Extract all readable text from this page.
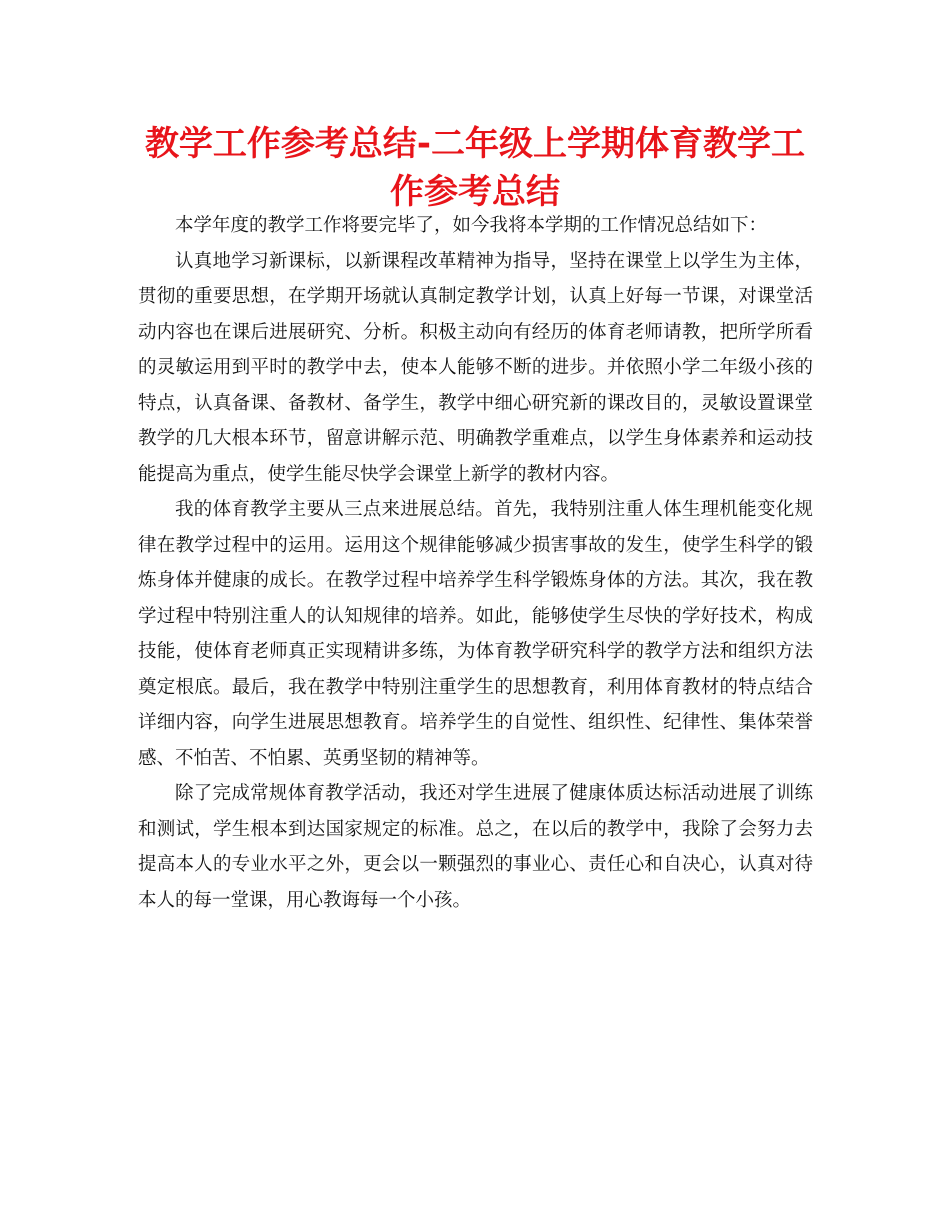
教学工作参考总结-二年级上学期体育教学工作参考总结

本学年度的教学工作将要完毕了，如今我将本学期的工作情况总结如下：

认真地学习新课标，以新课程改革精神为指导，坚持在课堂上以学生为主体，贯彻的重要思想，在学期开场就认真制定教学计划，认真上好每一节课，对课堂活动内容也在课后进展研究、分析。积极主动向有经历的体育老师请教，把所学所看的灵敏运用到平时的教学中去，使本人能够不断的进步。并依照小学二年级小孩的特点，认真备课、备教材、备学生，教学中细心研究新的课改目的，灵敏设置课堂教学的几大根本环节，留意讲解示范、明确教学重难点，以学生身体素养和运动技能提高为重点，使学生能尽快学会课堂上新学的教材内容。

我的体育教学主要从三点来进展总结。首先，我特别注重人体生理机能变化规律在教学过程中的运用。运用这个规律能够减少损害事故的发生，使学生科学的锻炼身体并健康的成长。在教学过程中培养学生科学锻炼身体的方法。其次，我在教学过程中特别注重人的认知规律的培养。如此，能够使学生尽快的学好技术，构成技能，使体育老师真正实现精讲多练，为体育教学研究科学的教学方法和组织方法奠定根底。最后，我在教学中特别注重学生的思想教育，利用体育教材的特点结合详细内容，向学生进展思想教育。培养学生的自觉性、组织性、纪律性、集体荣誉感、不怕苦、不怕累、英勇坚韧的精神等。

除了完成常规体育教学活动，我还对学生进展了健康体质达标活动进展了训练和测试，学生根本到达国家规定的标准。总之，在以后的教学中，我除了会努力去提高本人的专业水平之外，更会以一颗强烈的事业心、责任心和自决心，认真对待本人的每一堂课，用心教诲每一个小孩。
